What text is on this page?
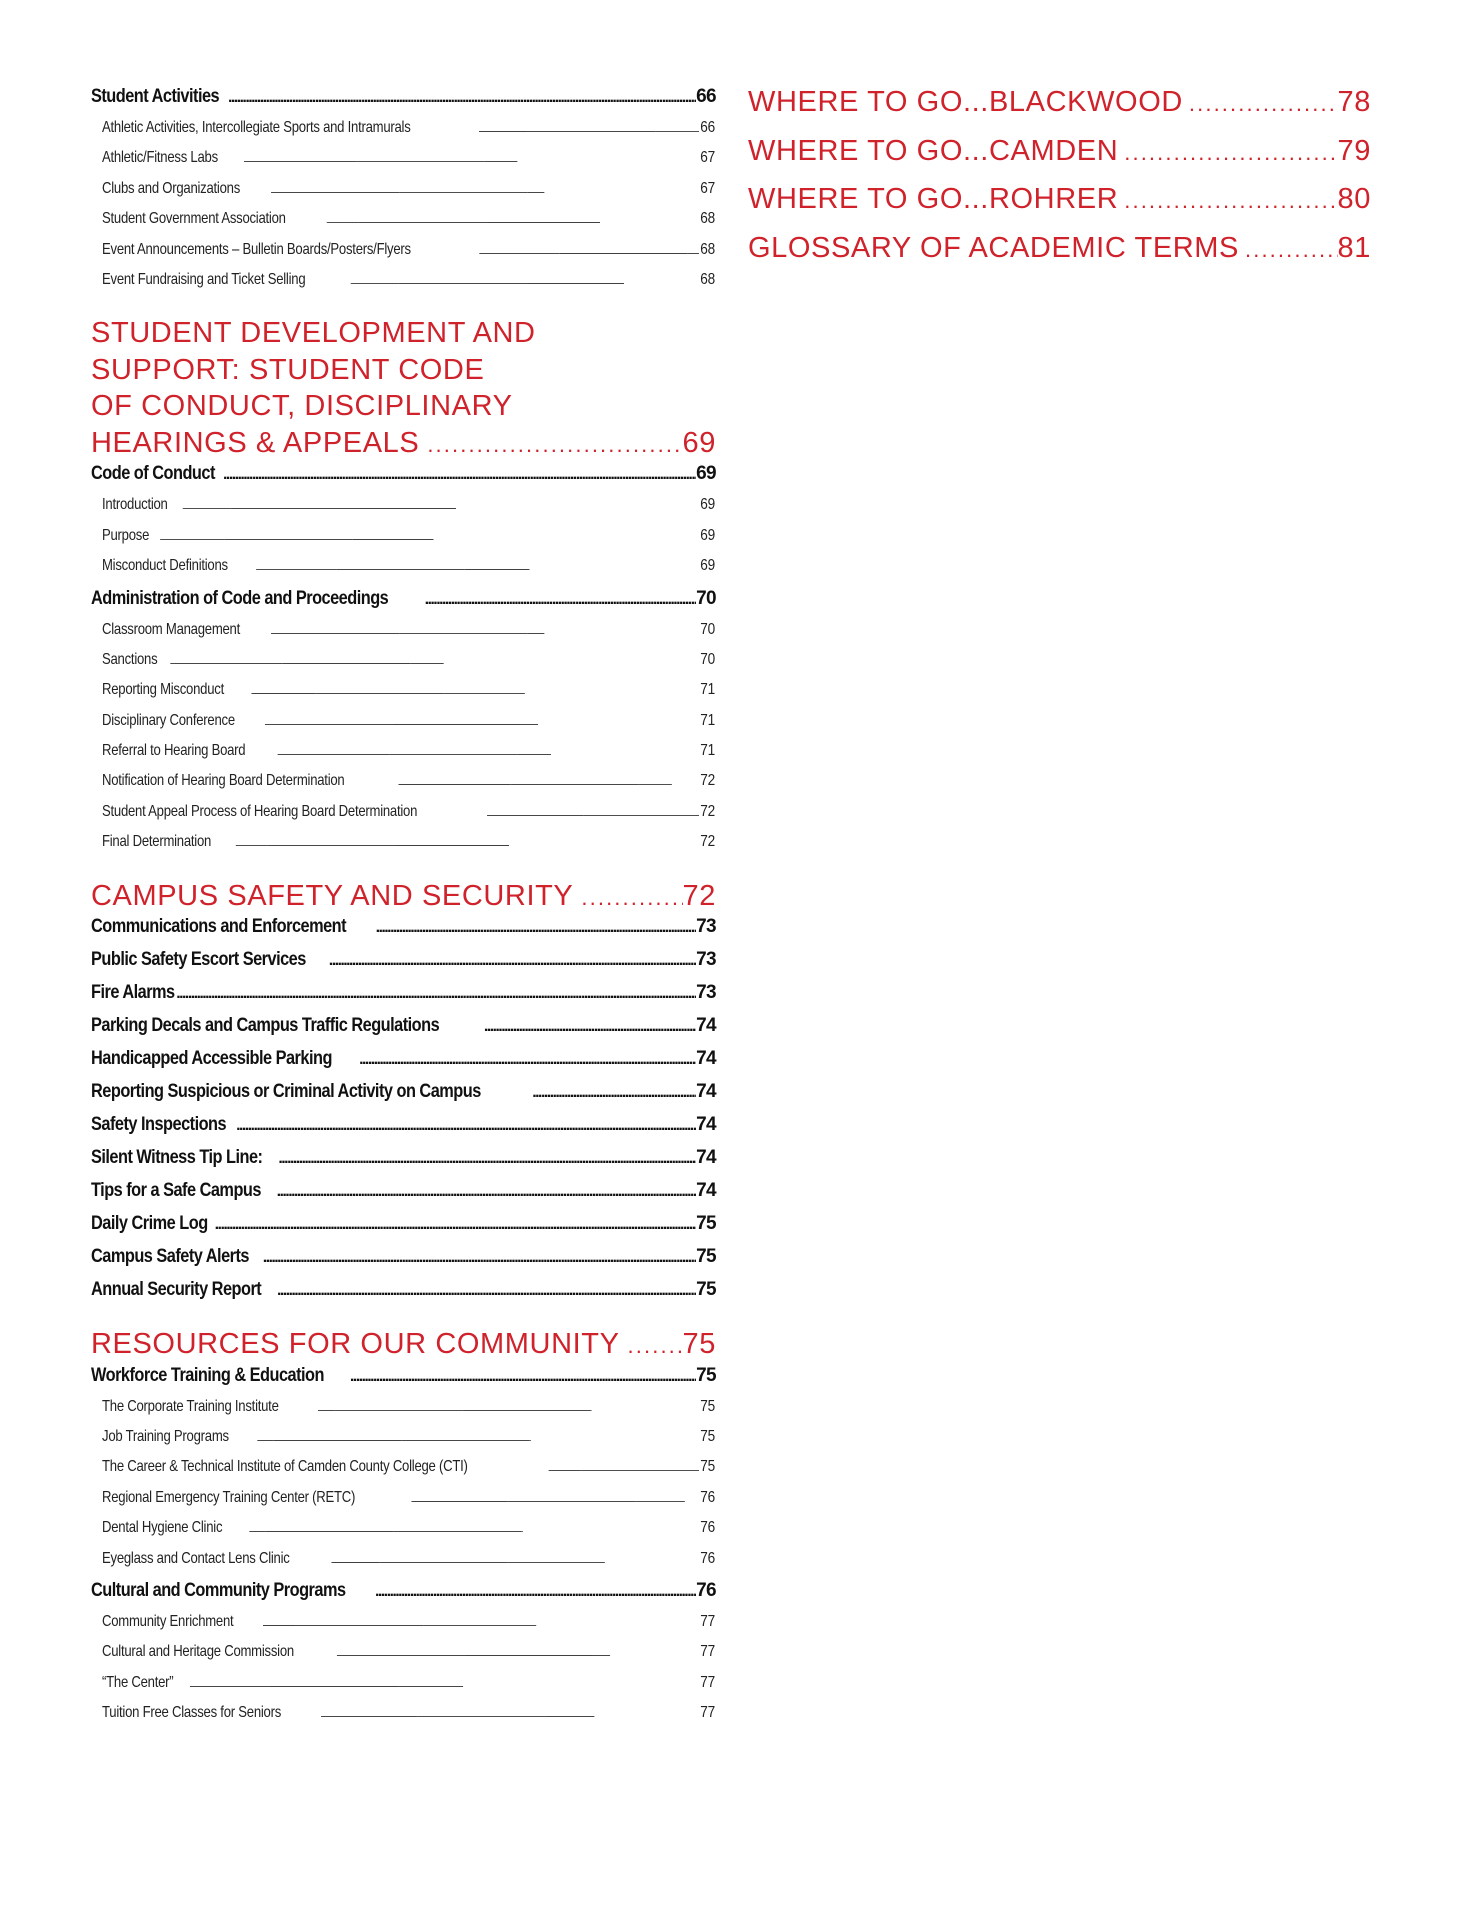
Student Activities . . .	66
Athletic Activities, Intercollegiate Sports and Intramurals . . .	66
Athletic/Fitness Labs . . .	67
Clubs and Organizations . . .	67
Student Government Association . . .	68
Event Announcements – Bulletin Boards/Posters/Flyers . . .	68
Event Fundraising and Ticket Selling . . .	68
STUDENT DEVELOPMENT AND
SUPPORT: STUDENT CODE
OF CONDUCT, DISCIPLINARY
HEARINGS & APPEALS . . .	69
Code of Conduct . . .	69
Introduction . . .	69
Purpose . . .	69
Misconduct Definitions . . .	69
Administration of Code and Proceedings . . .	70
Classroom Management . . .	70
Sanctions . . .	70
Reporting Misconduct . . .	71
Disciplinary Conference . . .	71
Referral to Hearing Board . . .	71
Notification of Hearing Board Determination . . .	72
Student Appeal Process of Hearing Board Determination . . .	72
Final Determination . . .	72
CAMPUS SAFETY AND SECURITY . . .	72
Communications and Enforcement . . .	73
Public Safety Escort Services . . .	73
Fire Alarms . . .	73
Parking Decals and Campus Traffic Regulations . . .	74
Handicapped Accessible Parking . . .	74
Reporting Suspicious or Criminal Activity on Campus . . .	74
Safety Inspections . . .	74
Silent Witness Tip Line: . . .	74
Tips for a Safe Campus . . .	74
Daily Crime Log . . .	75
Campus Safety Alerts . . .	75
Annual Security Report . . .	75
RESOURCES FOR OUR COMMUNITY . . . 75
Workforce Training & Education . . .	75
The Corporate Training Institute . . .	75
Job Training Programs . . .	75
The Career & Technical Institute of Camden County College (CTI) . . .	75
Regional Emergency Training Center (RETC) . . .	76
Dental Hygiene Clinic . . .	76
Eyeglass and Contact Lens Clinic . . .	76
Cultural and Community Programs . . .	76
Community Enrichment . . .	77
Cultural and Heritage Commission . . .	77
“The Center” . . .	77
Tuition Free Classes for Seniors . . .	77
WHERE TO GO...BLACKWOOD . . .	78
WHERE TO GO...CAMDEN . . .	79
WHERE TO GO...ROHRER . . .	80
GLOSSARY OF ACADEMIC TERMS . . .	81
